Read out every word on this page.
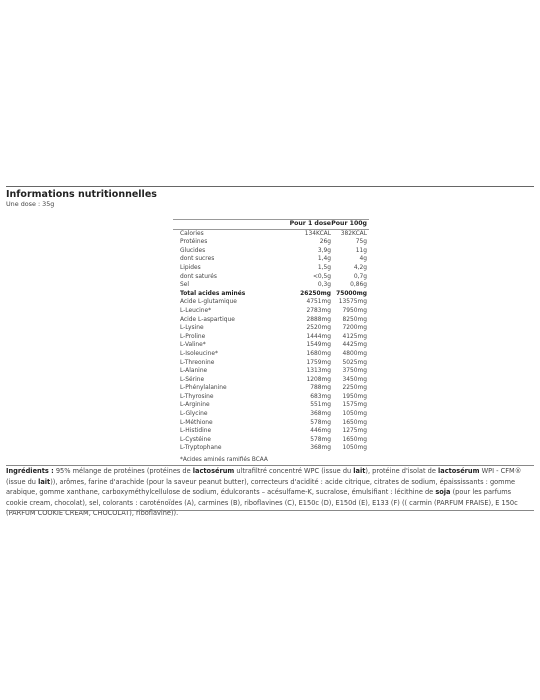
Informations nutritionnelles
Une dose : 35g
	Pour 1 dose	Pour 100g
Calories	134KCAL	382KCAL
Protéines	26g	75g
Glucides	3,9g	11g
dont sucres	1,4g	4g
Lipides	1,5g	4,2g
dont saturés	<0,5g	0,7g
Sel	0,3g	0,86g
Total acides aminés	26250mg	75000mg
Acide L-glutamique	4751mg	13575mg
L-Leucine*	2783mg	7950mg
Acide L-aspartique	2888mg	8250mg
L-Lysine	2520mg	7200mg
L-Proline	1444mg	4125mg
L-Valine*	1549mg	4425mg
L-Isoleucine*	1680mg	4800mg
L-Threonine	1759mg	5025mg
L-Alanine	1313mg	3750mg
L-Sérine	1208mg	3450mg
L-Phénylalanine	788mg	2250mg
L-Thyrosine	683mg	1950mg
L-Arginine	551mg	1575mg
L-Glycine	368mg	1050mg
L-Méthione	578mg	1650mg
L-Histidine	446mg	1275mg
L-Cystéine	578mg	1650mg
L-Tryptophane	368mg	1050mg
*Acides aminés ramifiés BCAA
Ingrédients : 95% mélange de protéines (protéines de lactosérum ultrafiltré concentré WPC (issue du lait), protéine d'isolat de lactosérum WPI - CFM® (issue du lait)), arômes, farine d'arachide (pour la saveur peanut butter), correcteurs d'acidité : acide citrique, citrates de sodium, épaississants : gomme arabique, gomme xanthane, carboxyméthylcellulose de sodium, édulcorants – acésulfame-K, sucralose, émulsifiant : lécithine de soja (pour les parfums cookie cream, chocolat), sel, colorants : caroténoïdes (A), carmines (B), riboflavines (C), E150c (D), E150d (E), E133 (F) (( carmin (PARFUM FRAISE), E 150c (PARFUM COOKIE CREAM, CHOCOLAT), riboflavine)).
